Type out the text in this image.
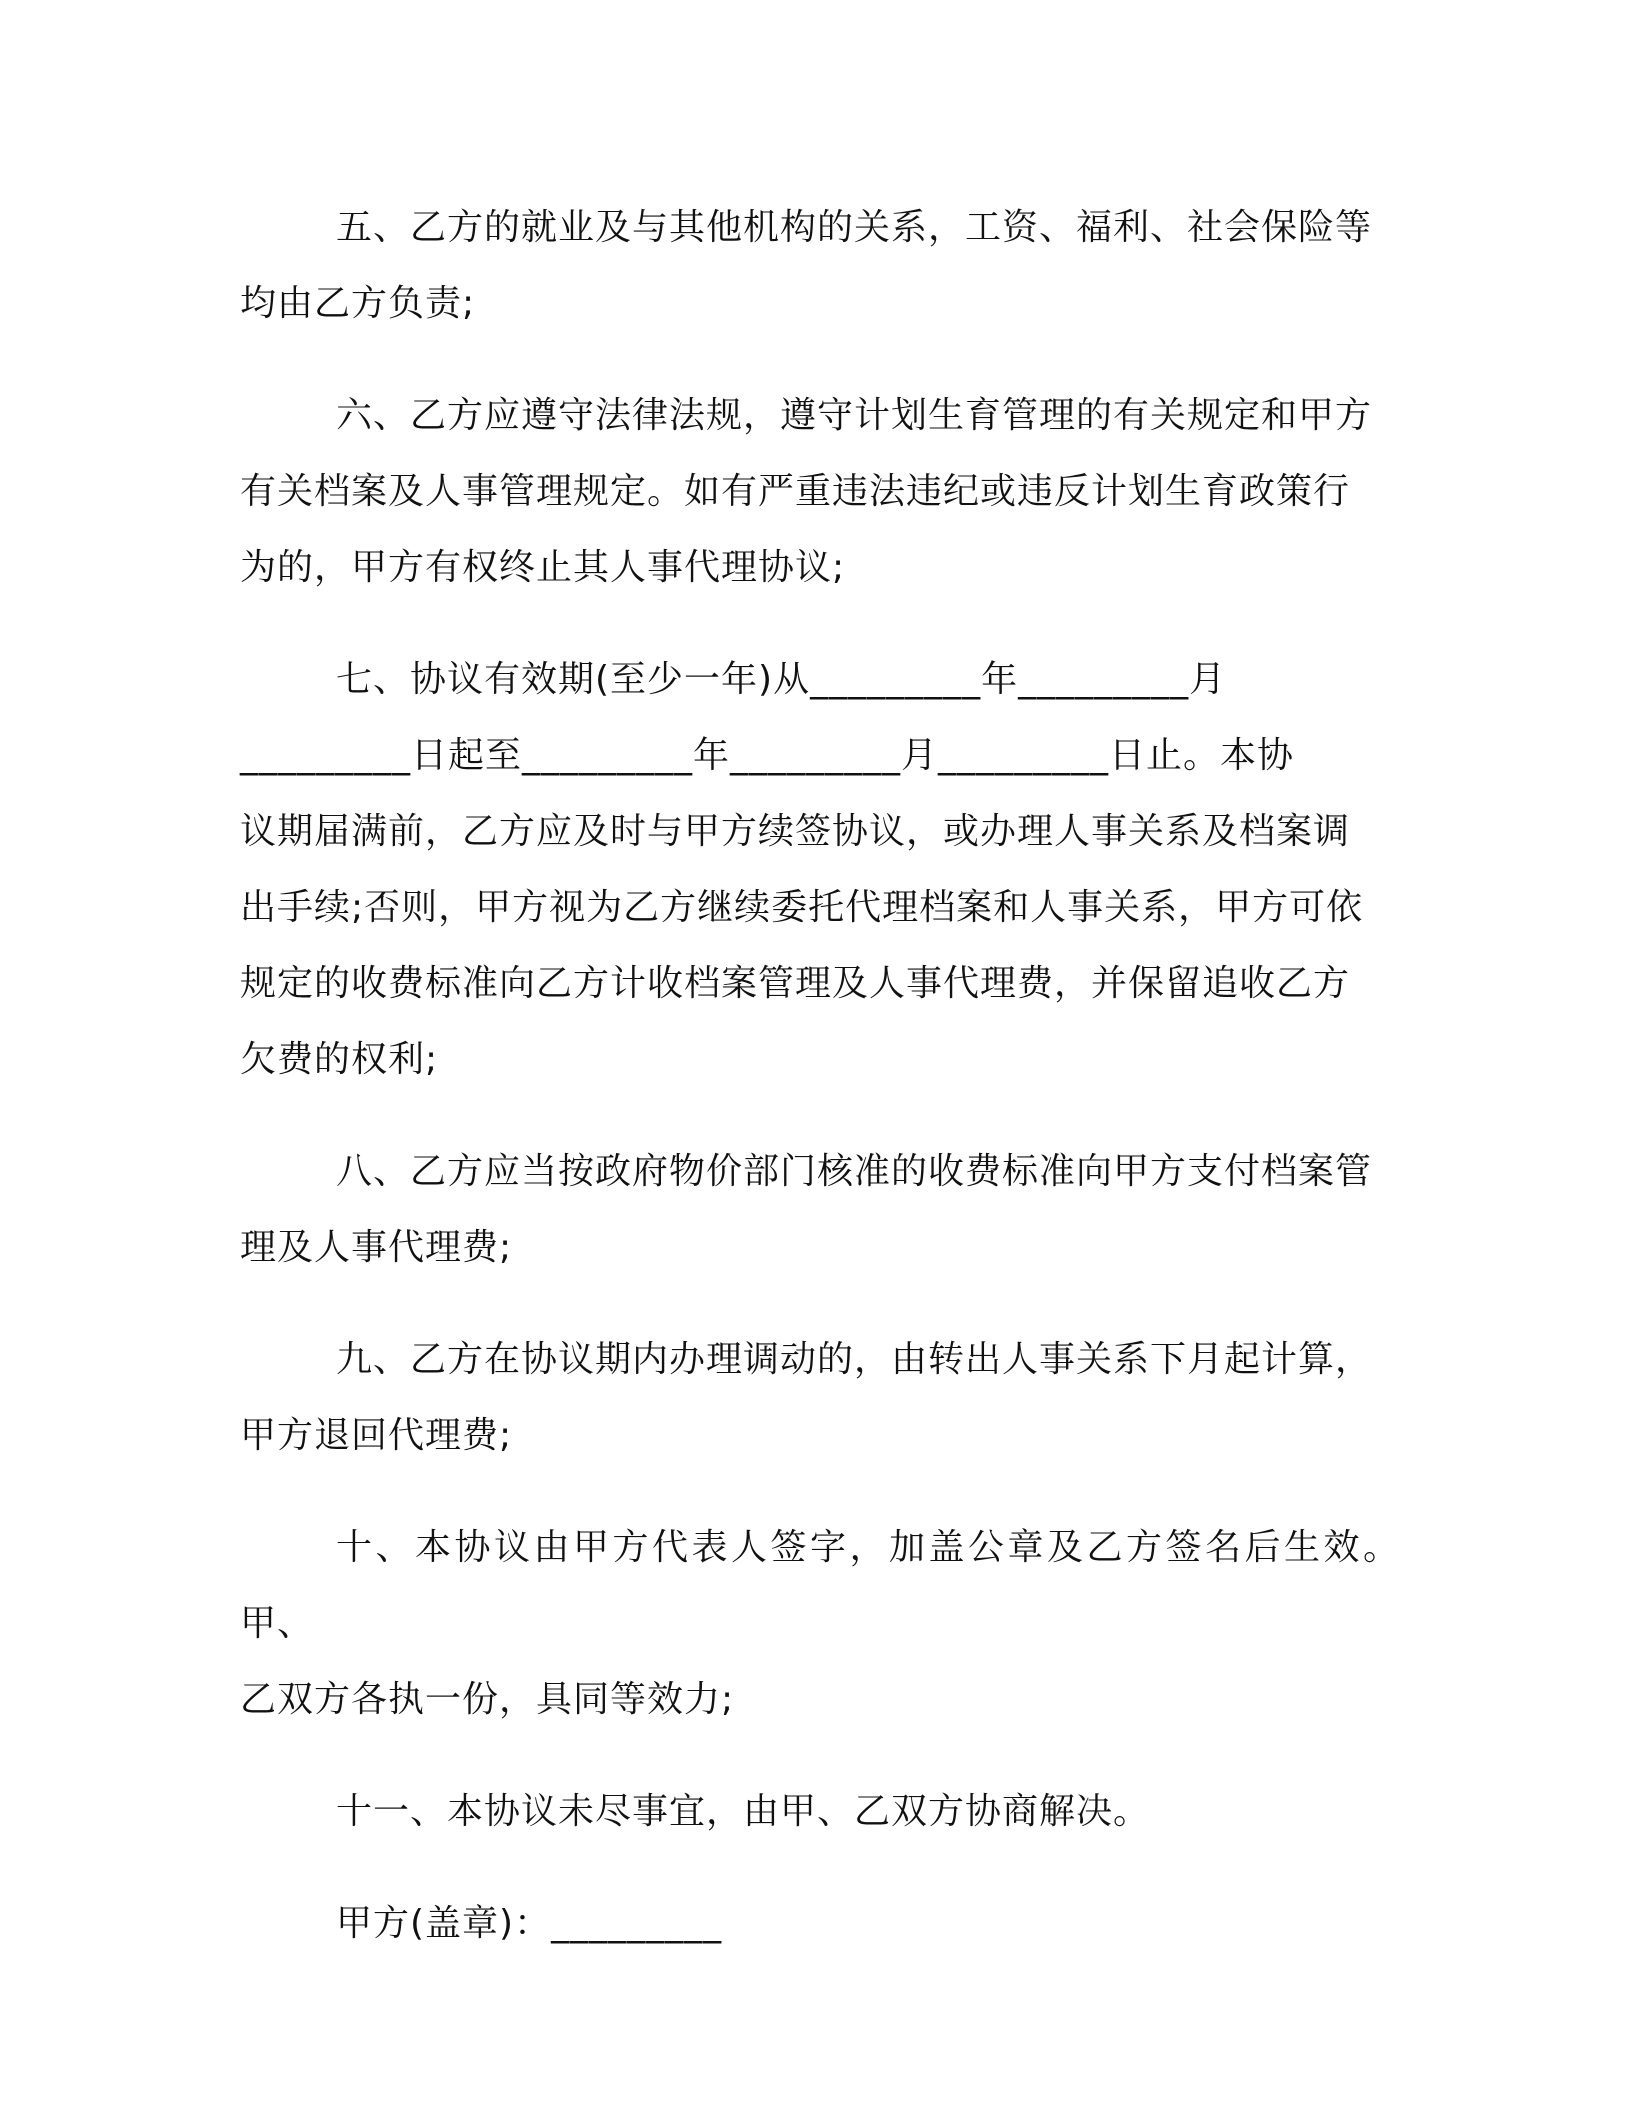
五、乙方的就业及与其他机构的关系，工资、福利、社会保险等
均由乙方负责;

六、乙方应遵守法律法规，遵守计划生育管理的有关规定和甲方
有关档案及人事管理规定。如有严重违法违纪或违反计划生育政策行
为的，甲方有权终止其人事代理协议;

七、协议有效期(至少一年)从_________年_________月
_________日起至_________年_________月_________日止。本协
议期届满前，乙方应及时与甲方续签协议，或办理人事关系及档案调
出手续;否则，甲方视为乙方继续委托代理档案和人事关系，甲方可依
规定的收费标准向乙方计收档案管理及人事代理费，并保留追收乙方
欠费的权利;

八、乙方应当按政府物价部门核准的收费标准向甲方支付档案管
理及人事代理费;

九、乙方在协议期内办理调动的，由转出人事关系下月起计算，
甲方退回代理费;

十、本协议由甲方代表人签字，加盖公章及乙方签名后生效。甲、
乙双方各执一份，具同等效力;

十一、本协议未尽事宜，由甲、乙双方协商解决。

甲方(盖章)：_________
